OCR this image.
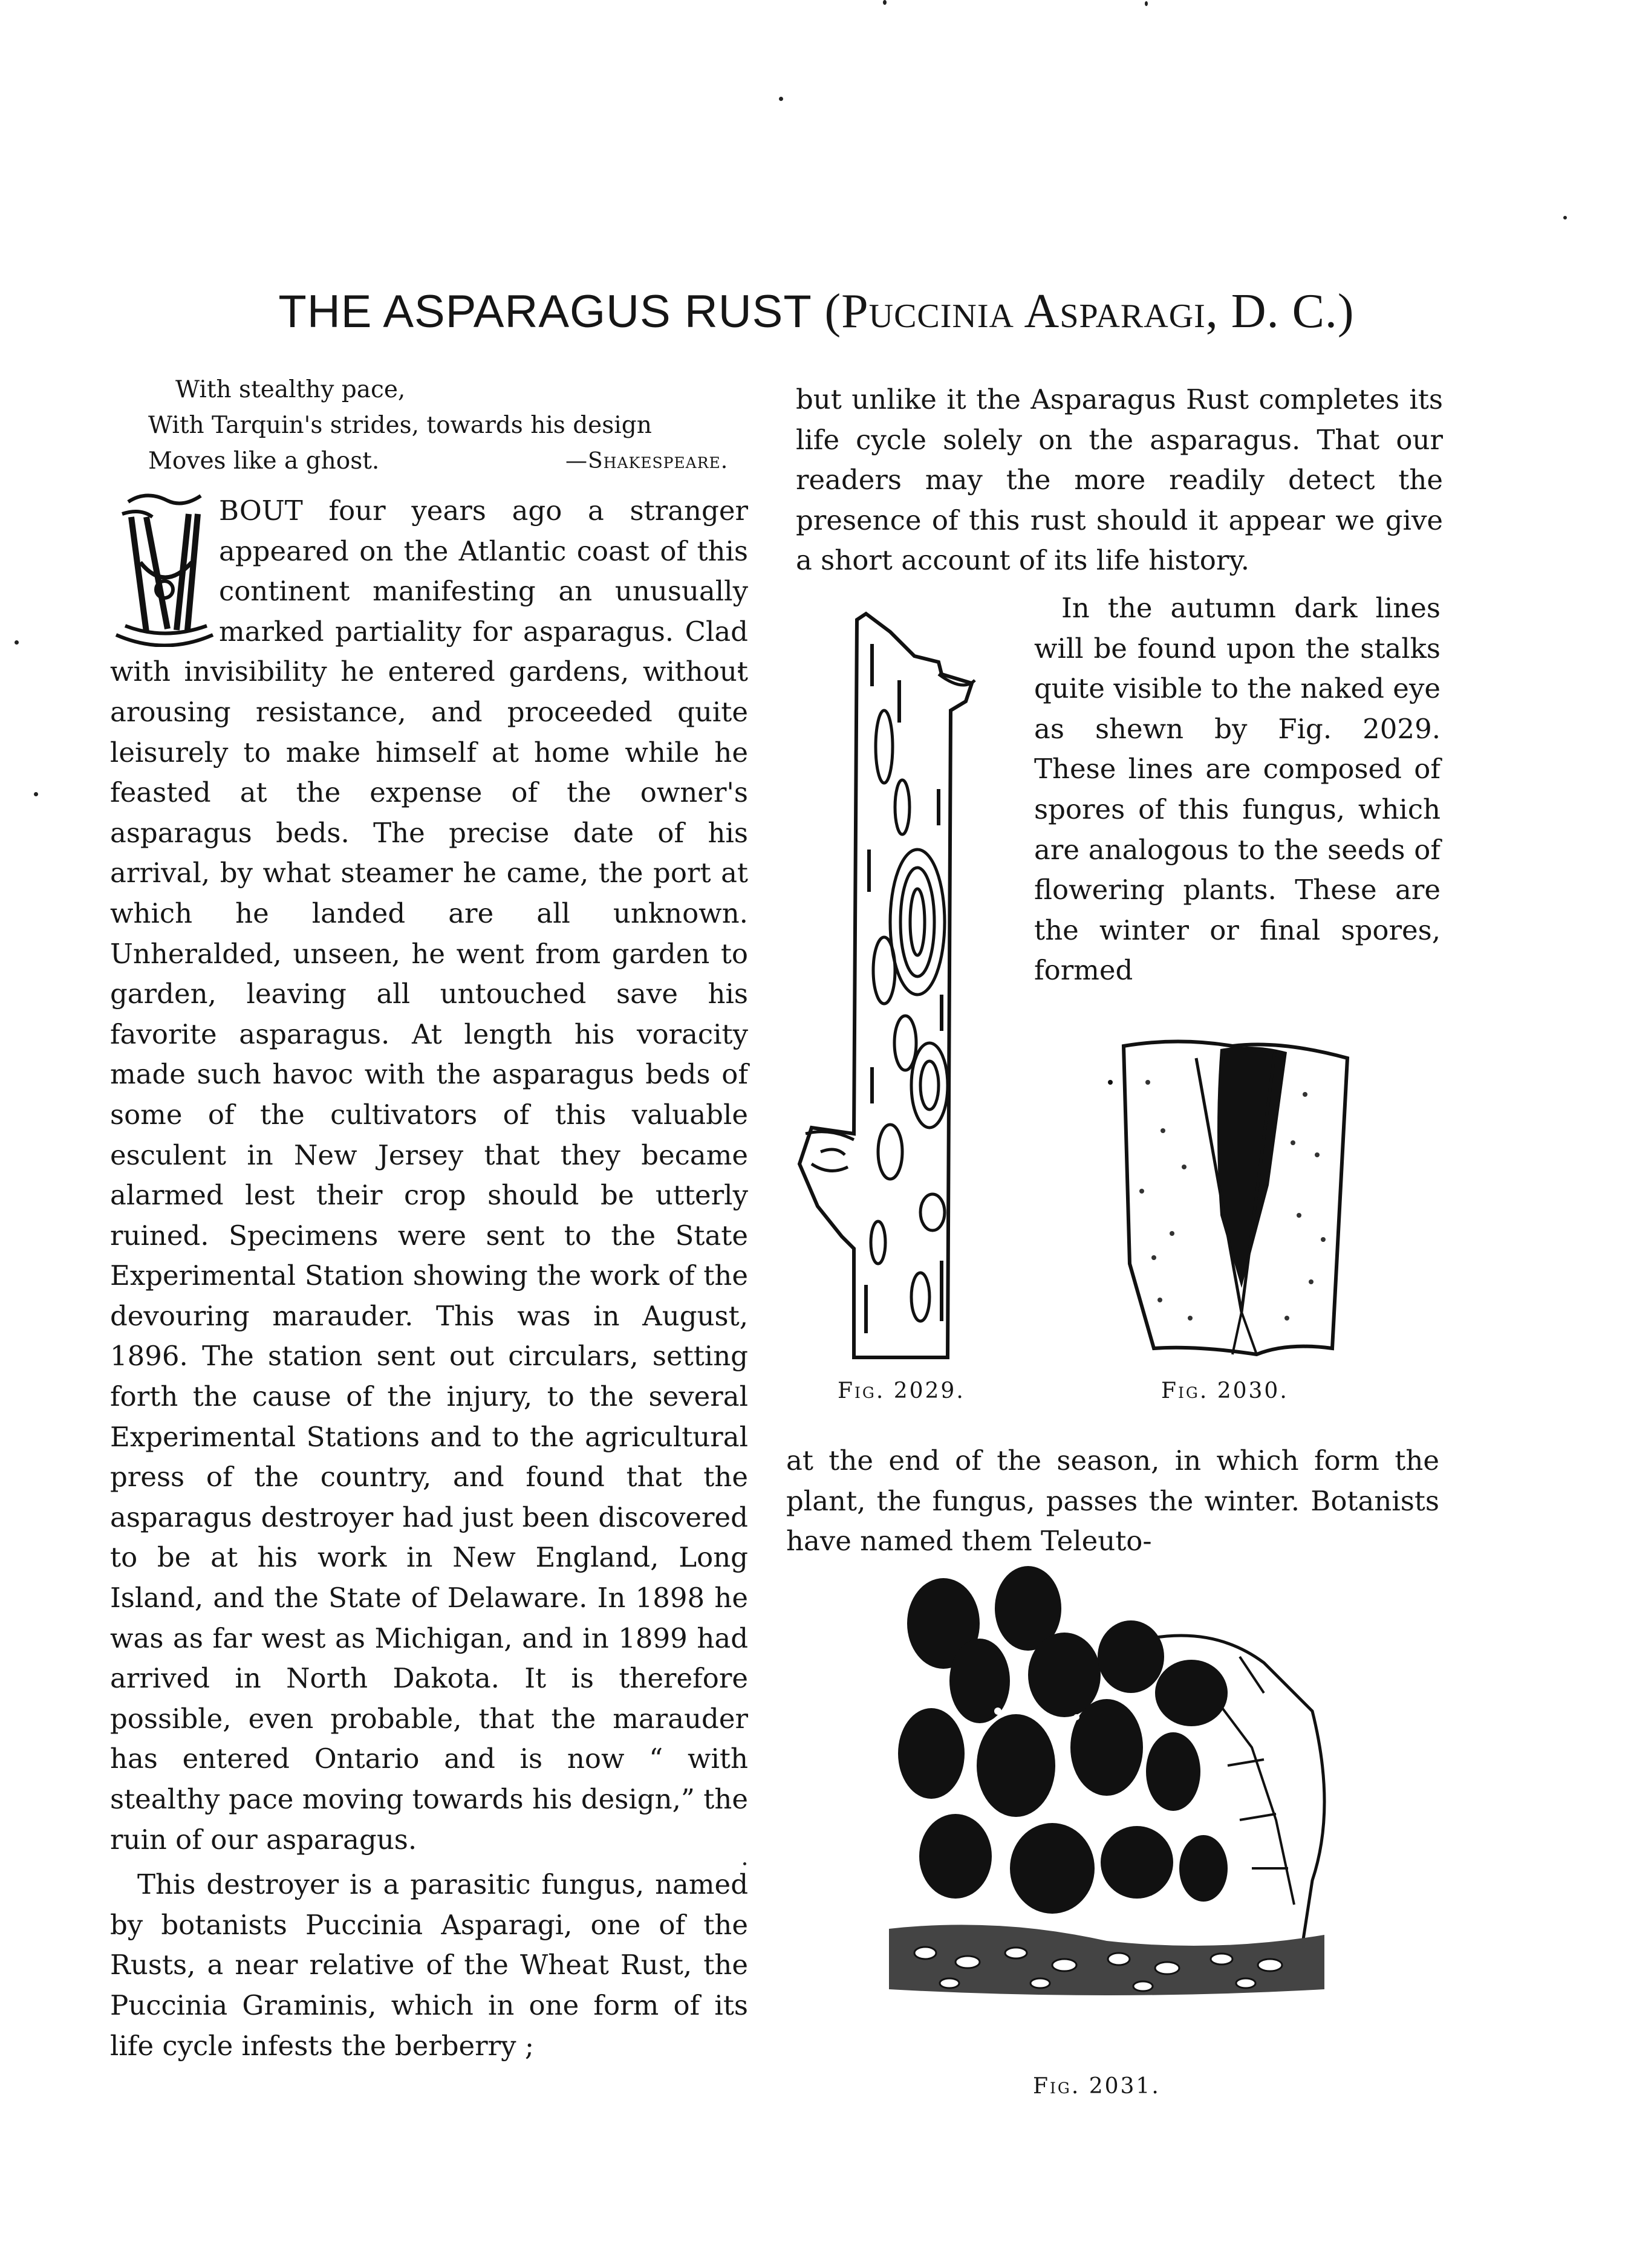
THE ASPARAGUS RUST (Puccinia Asparagi, D. C.)
With stealthy pace,
With Tarquin's strides, towards his design
Moves like a ghost.	—Shakespeare.

BOUT four years ago a stranger appeared on the Atlantic coast of this continent manifesting an unusually marked partiality for asparagus. Clad with invisibility he entered gardens, without arousing resistance, and proceeded quite leisurely to make himself at home while he feasted at the expense of the owner's asparagus beds. The precise date of his arrival, by what steamer he came, the port at which he landed are all unknown. Unheralded, unseen, he went from garden to garden, leaving all untouched save his favorite asparagus. At length his voracity made such havoc with the asparagus beds of some of the cultivators of this valuable esculent in New Jersey that they became alarmed lest their crop should be utterly ruined. Specimens were sent to the State Experimental Station showing the work of the devouring marauder. This was in August, 1896. The station sent out circulars, setting forth the cause of the injury, to the several Experimental Stations and to the agricultural press of the country, and found that the asparagus destroyer had just been discovered to be at his work in New England, Long Island, and the State of Delaware. In 1898 he was as far west as Michigan, and in 1899 had arrived in North Dakota. It is therefore possible, even probable, that the marauder has entered Ontario and is now “ with stealthy pace moving towards his design,” the ruin of our asparagus.

This destroyer is a parasitic fungus, named by botanists Puccinia Asparagi, one of the Rusts, a near relative of the Wheat Rust, the Puccinia Graminis, which in one form of its life cycle infests the berberry ;

but unlike it the Asparagus Rust completes its life cycle solely on the asparagus. That our readers may the more readily detect the presence of this rust should it appear we give a short account of its life history.

In the autumn dark lines will be found upon the stalks quite visible to the naked eye as shewn by Fig. 2029. These lines are composed of spores of this fungus, which are analogous to the seeds of flowering plants. These are the winter or final spores, formed

at the end of the season, in which form the plant, the fungus, passes the winter. Botanists have named them Teleuto-

Fig. 2029.	Fig. 2030.
Fig. 2031.
